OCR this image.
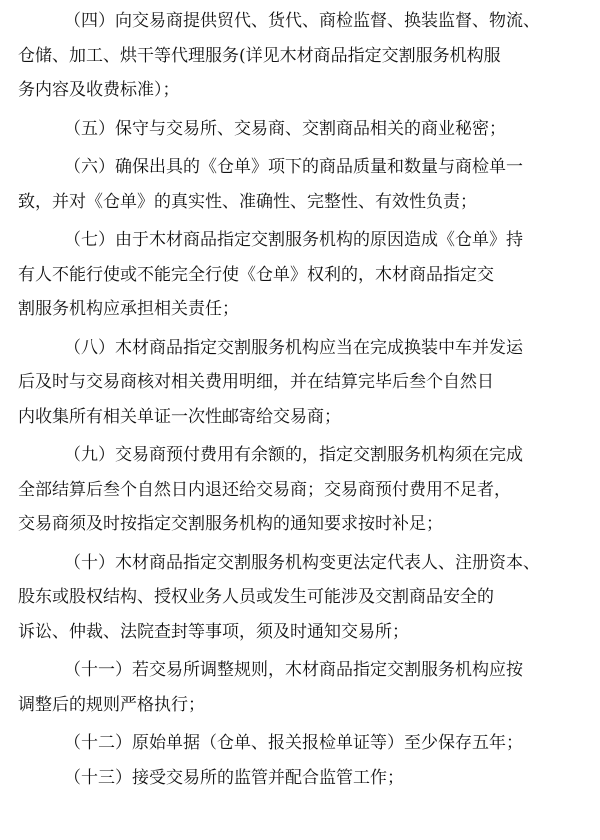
（四）向交易商提供贸代、货代、商检监督、换装监督、物流、
仓储、加工、烘干等代理服务(详见木材商品指定交割服务机构服
务内容及收费标准）；
（五）保守与交易所、交易商、交割商品相关的商业秘密；
（六）确保出具的《仓单》项下的商品质量和数量与商检单一
致，并对《仓单》的真实性、准确性、完整性、有效性负责；
（七）由于木材商品指定交割服务机构的原因造成《仓单》持
有人不能行使或不能完全行使《仓单》权利的，木材商品指定交
割服务机构应承担相关责任；
（八）木材商品指定交割服务机构应当在完成换装中车并发运
后及时与交易商核对相关费用明细，并在结算完毕后叁个自然日
内收集所有相关单证一次性邮寄给交易商；
（九）交易商预付费用有余额的，指定交割服务机构须在完成
全部结算后叁个自然日内退还给交易商；交易商预付费用不足者，
交易商须及时按指定交割服务机构的通知要求按时补足；
（十）木材商品指定交割服务机构变更法定代表人、注册资本、
股东或股权结构、授权业务人员或发生可能涉及交割商品安全的
诉讼、仲裁、法院查封等事项，须及时通知交易所；
（十一）若交易所调整规则，木材商品指定交割服务机构应按
调整后的规则严格执行；
（十二）原始单据（仓单、报关报检单证等）至少保存五年；
（十三）接受交易所的监管并配合监管工作；
